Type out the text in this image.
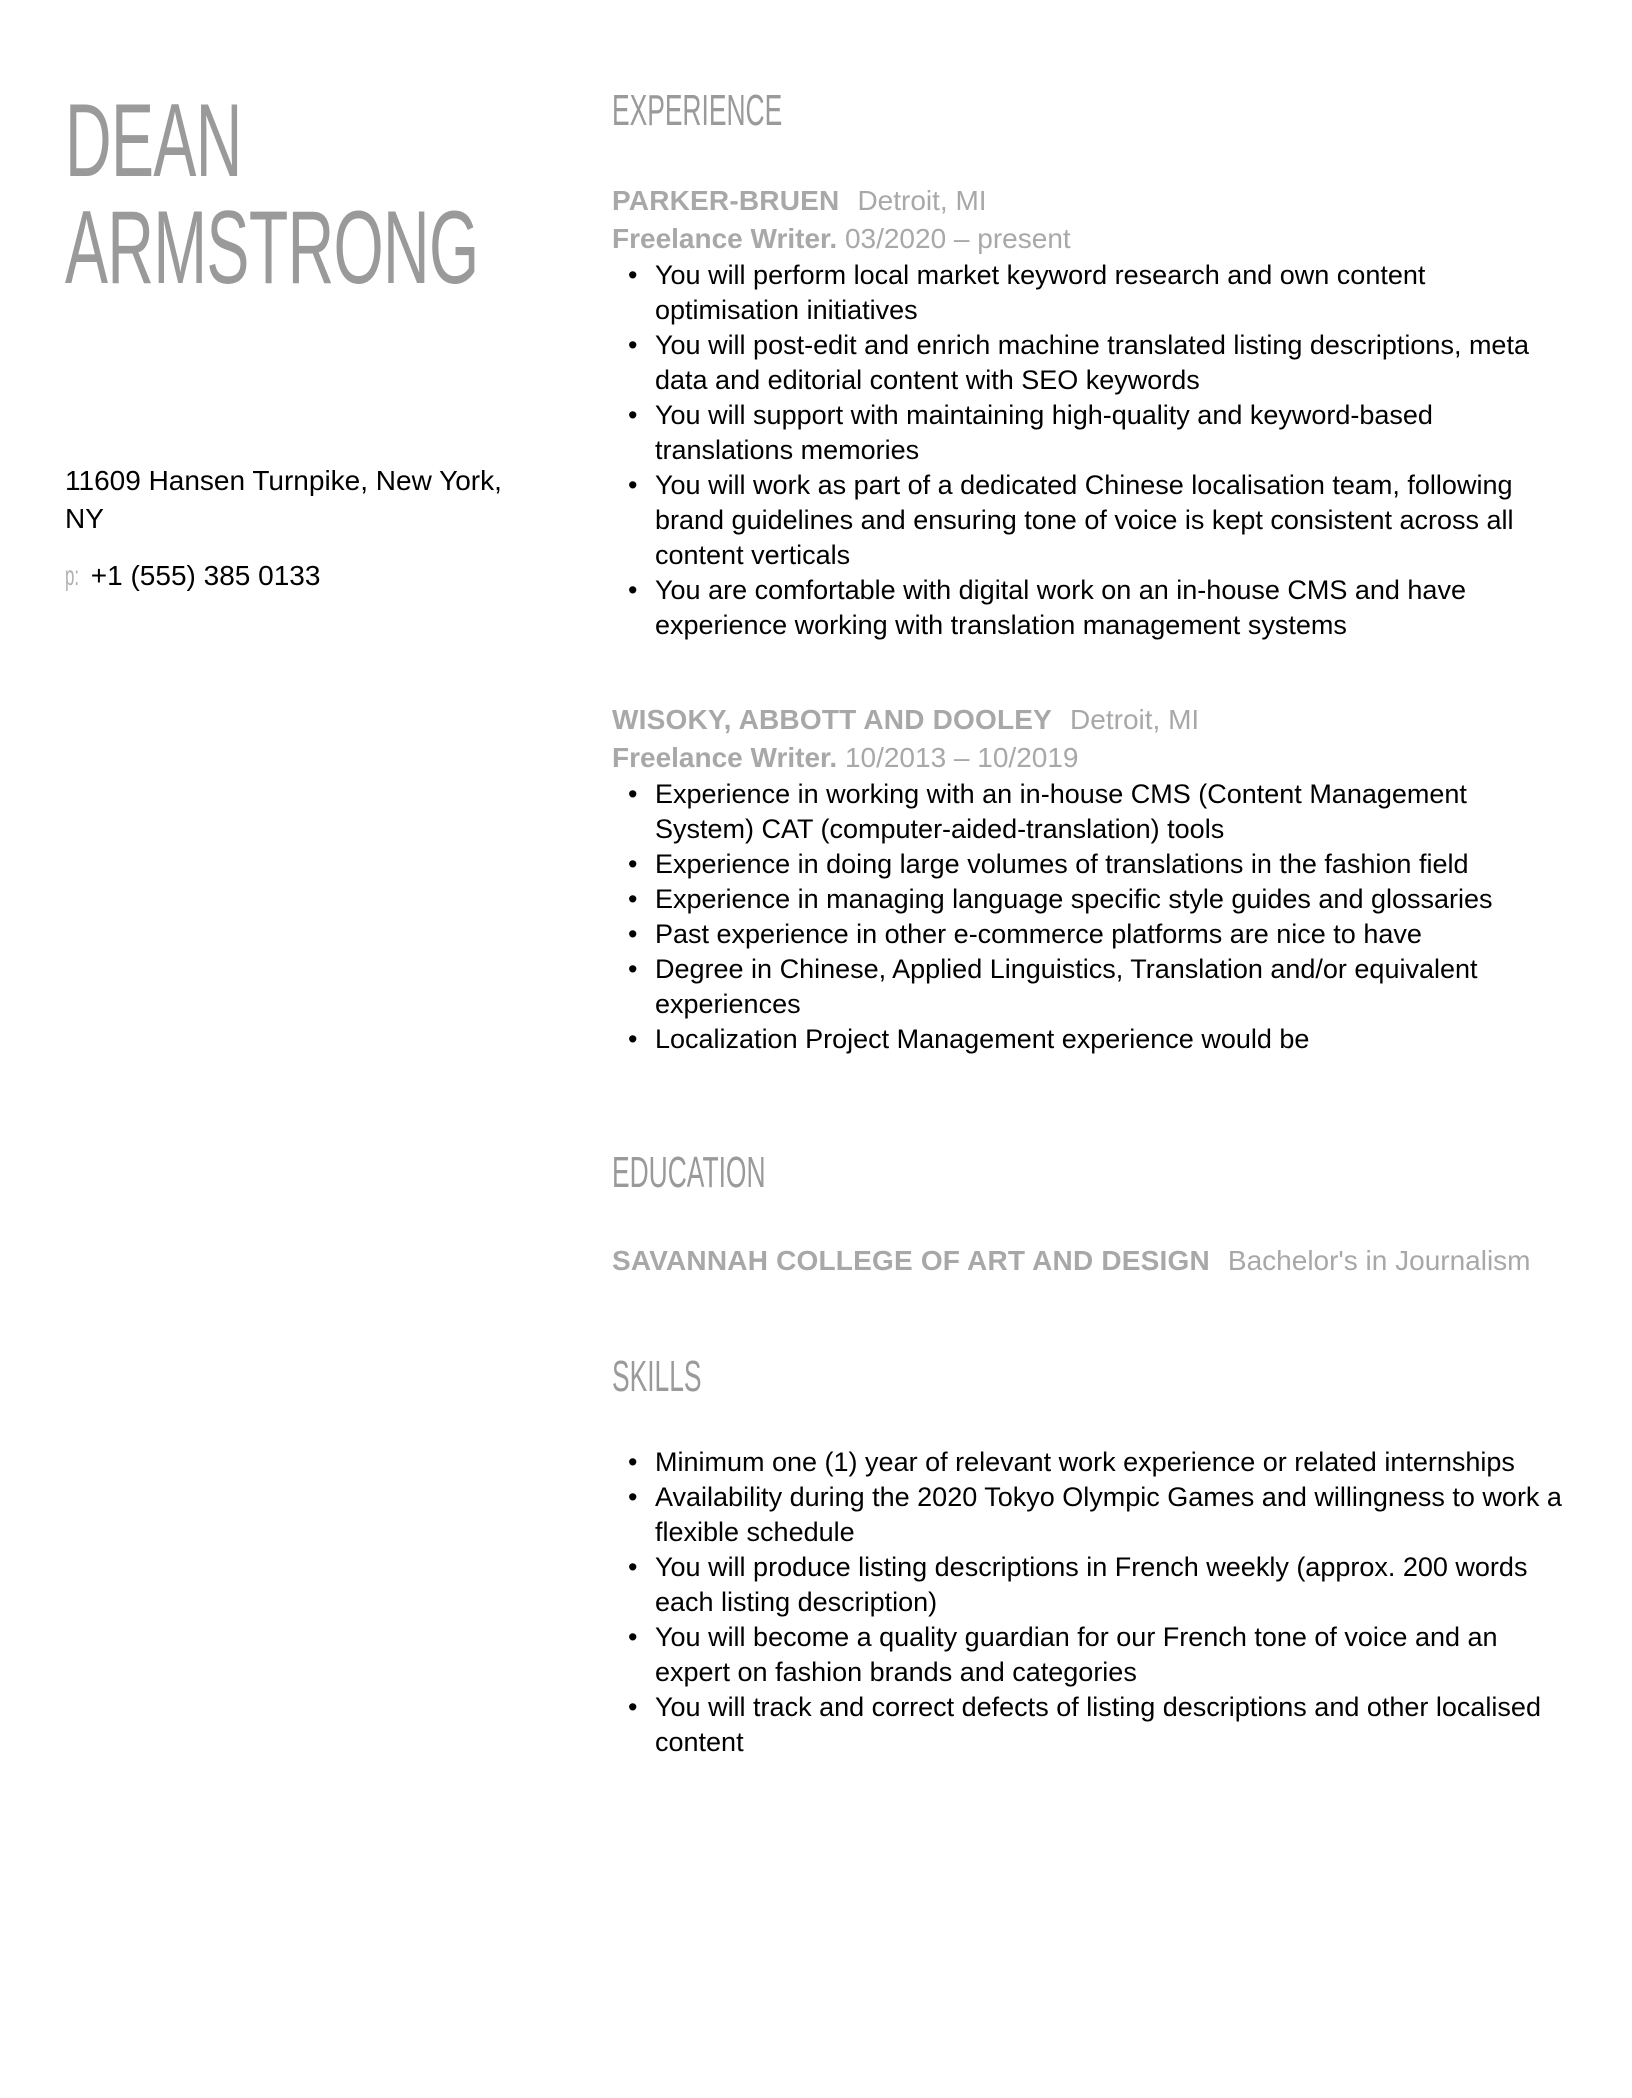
DEAN
ARMSTRONG
11609 Hansen Turnpike, New York, NY
p: +1 (555) 385 0133
EXPERIENCE
PARKER-BRUEN Detroit, MI
Freelance Writer. 03/2020 – present
• You will perform local market keyword research and own content optimisation initiatives
• You will post-edit and enrich machine translated listing descriptions, meta data and editorial content with SEO keywords
• You will support with maintaining high-quality and keyword-based translations memories
• You will work as part of a dedicated Chinese localisation team, following brand guidelines and ensuring tone of voice is kept consistent across all content verticals
• You are comfortable with digital work on an in-house CMS and have experience working with translation management systems
WISOKY, ABBOTT AND DOOLEY Detroit, MI
Freelance Writer. 10/2013 – 10/2019
• Experience in working with an in-house CMS (Content Management System) CAT (computer-aided-translation) tools
• Experience in doing large volumes of translations in the fashion field
• Experience in managing language specific style guides and glossaries
• Past experience in other e-commerce platforms are nice to have
• Degree in Chinese, Applied Linguistics, Translation and/or equivalent experiences
• Localization Project Management experience would be
EDUCATION
SAVANNAH COLLEGE OF ART AND DESIGN Bachelor's in Journalism
SKILLS
• Minimum one (1) year of relevant work experience or related internships
• Availability during the 2020 Tokyo Olympic Games and willingness to work a flexible schedule
• You will produce listing descriptions in French weekly (approx. 200 words each listing description)
• You will become a quality guardian for our French tone of voice and an expert on fashion brands and categories
• You will track and correct defects of listing descriptions and other localised content
